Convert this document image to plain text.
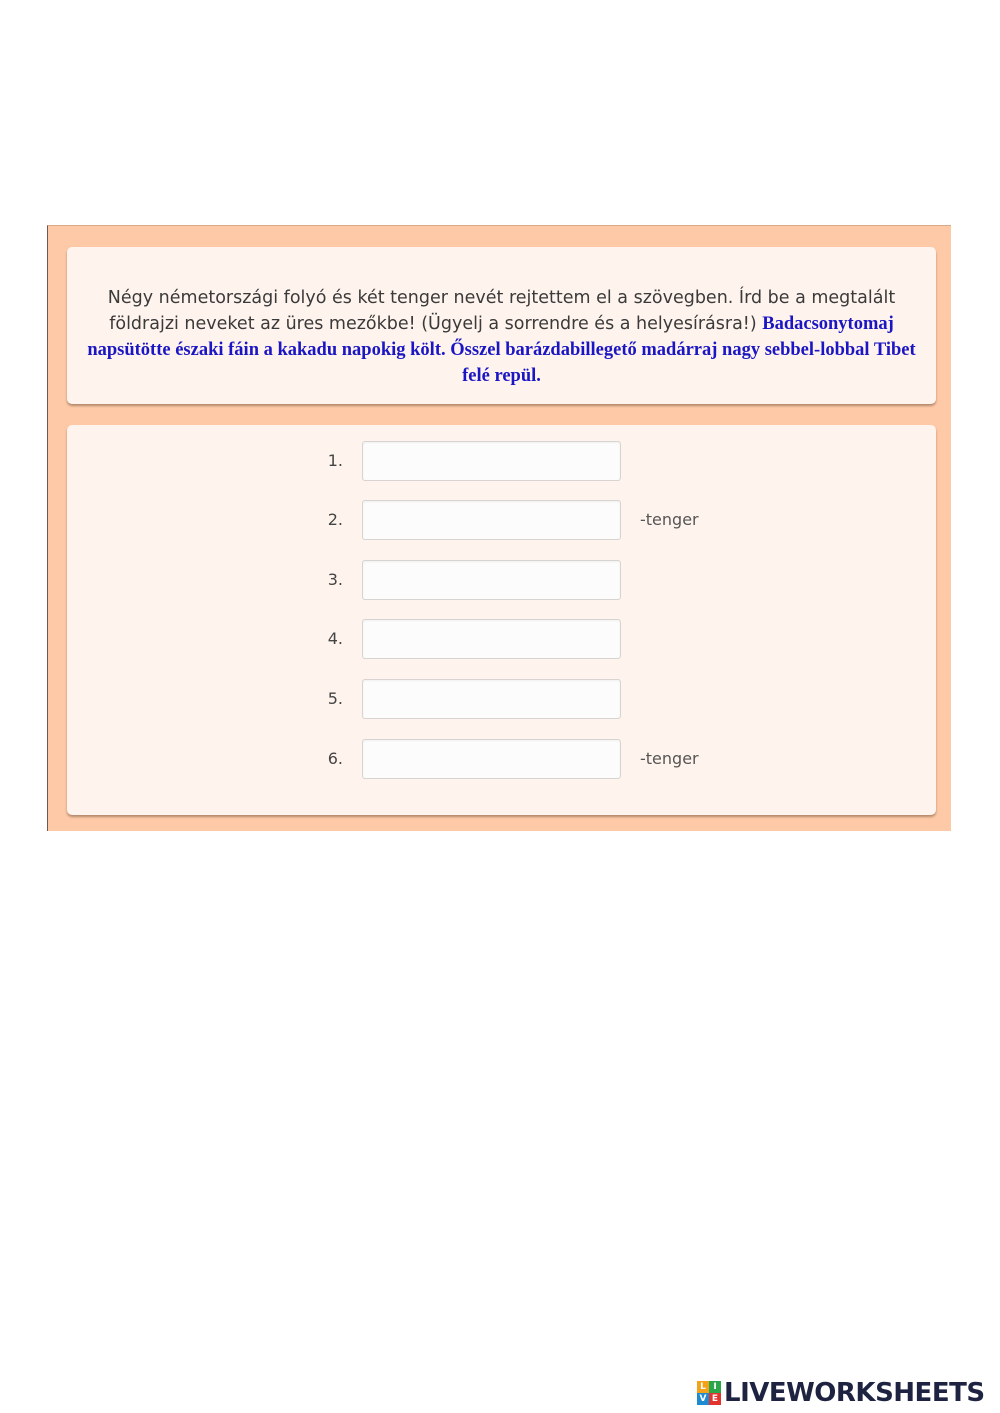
Négy németországi folyó és két tenger nevét rejtettem el a szövegben. Írd be a megtalált földrajzi neveket az üres mezőkbe! (Ügyelj a sorrendre és a helyesírásra!) Badacsonytomaj napsütötte északi fáin a kakadu napokig költ. Ősszel barázdabillegető madárraj nagy sebbel-lobbal Tibet felé repül.
1.
2.	-tenger
3.
4.
5.
6.	-tenger
L I
V E LIVEWORKSHEETS
